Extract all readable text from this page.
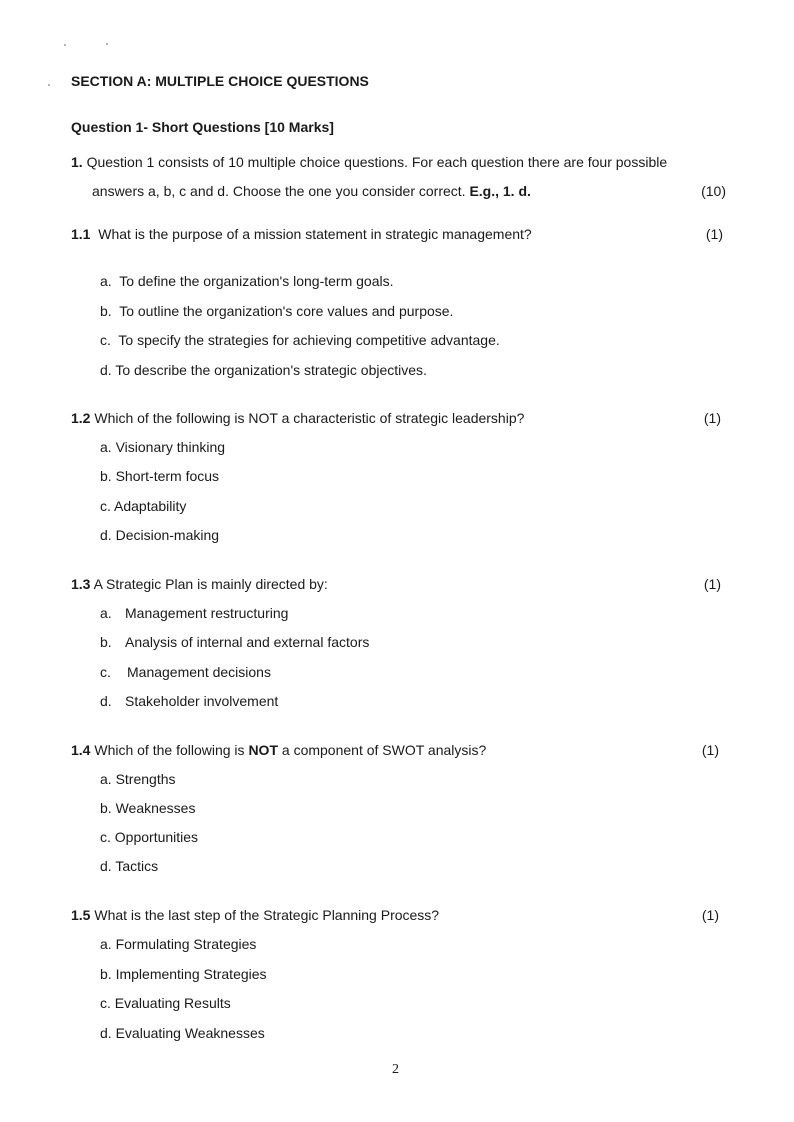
SECTION A: MULTIPLE CHOICE QUESTIONS
Question 1- Short Questions [10 Marks]
1. Question 1 consists of 10 multiple choice questions. For each question there are four possible
answers a, b, c and d. Choose the one you consider correct. E.g., 1. d.	(10)
1.1 What is the purpose of a mission statement in strategic management?	(1)
a. To define the organization's long-term goals.
b. To outline the organization's core values and purpose.
c. To specify the strategies for achieving competitive advantage.
d. To describe the organization's strategic objectives.
1.2 Which of the following is NOT a characteristic of strategic leadership?	(1)
a. Visionary thinking
b. Short-term focus
c. Adaptability
d. Decision-making
1.3 A Strategic Plan is mainly directed by:	(1)
a. Management restructuring
b. Analysis of internal and external factors
c. Management decisions
d. Stakeholder involvement
1.4 Which of the following is NOT a component of SWOT analysis?	(1)
a. Strengths
b. Weaknesses
c. Opportunities
d. Tactics
1.5 What is the last step of the Strategic Planning Process?	(1)
a. Formulating Strategies
b. Implementing Strategies
c. Evaluating Results
d. Evaluating Weaknesses
2
